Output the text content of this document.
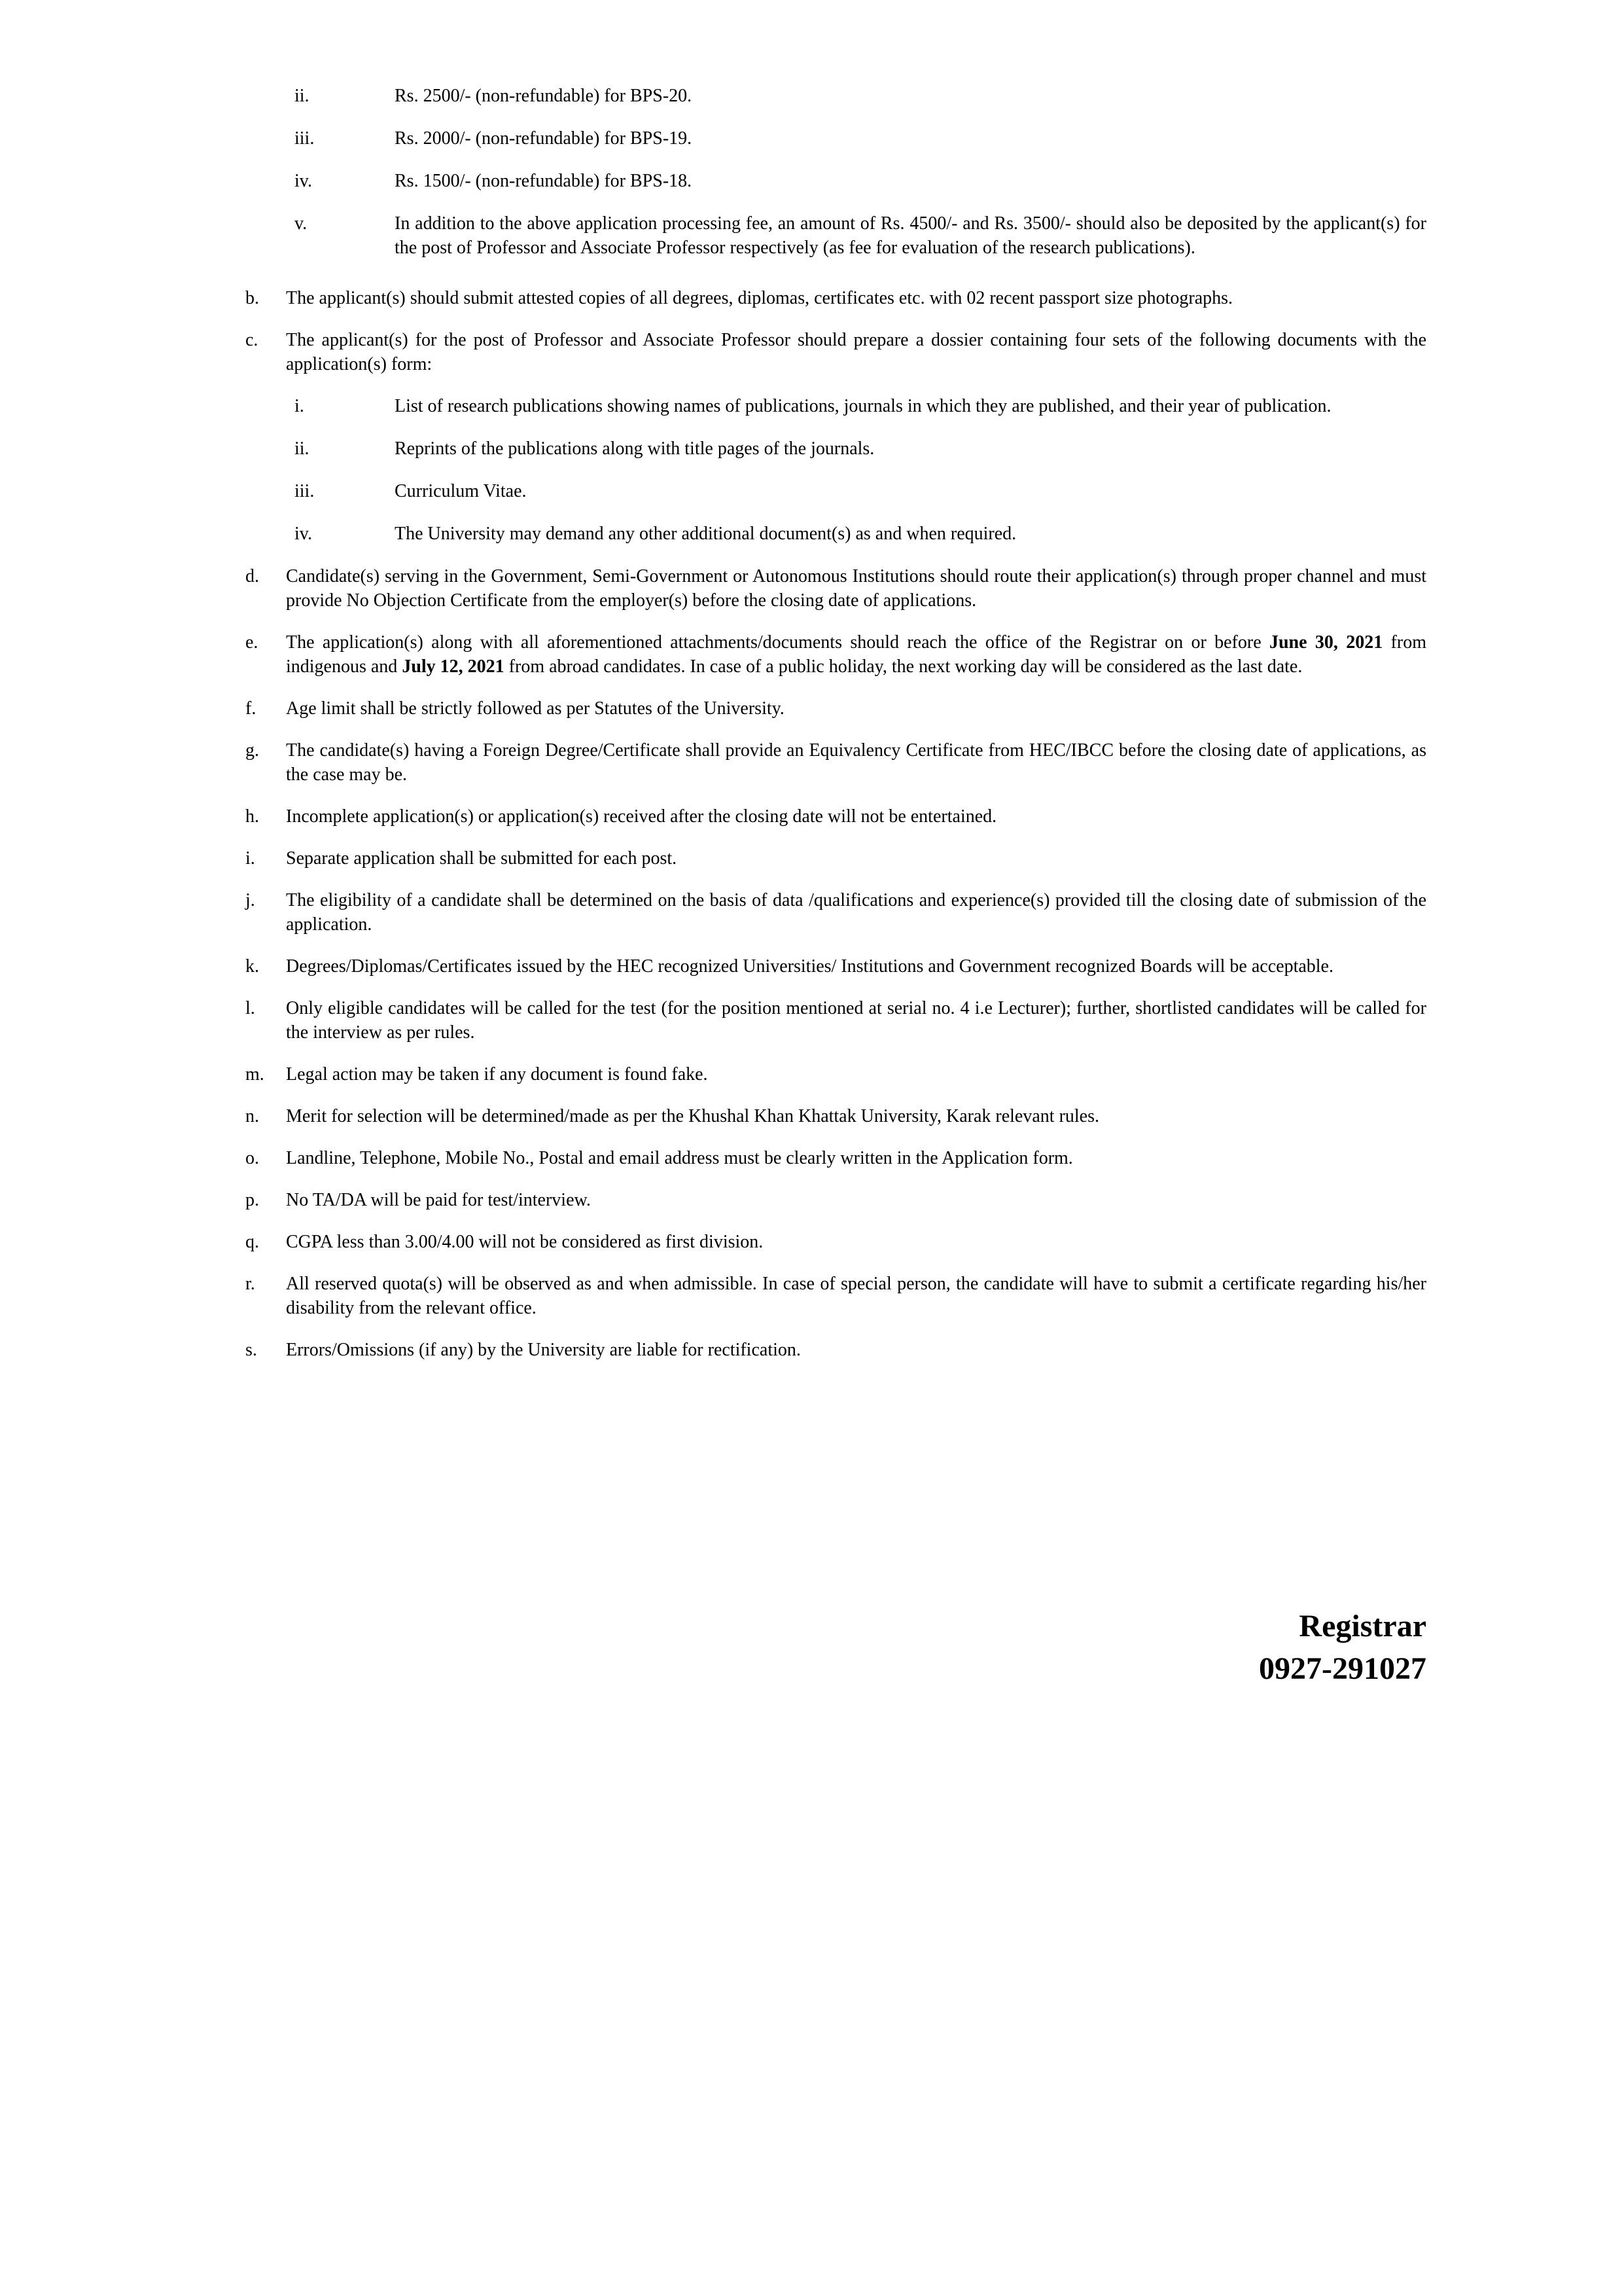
ii.	Rs. 2500/- (non-refundable) for BPS-20.
iii.	Rs. 2000/- (non-refundable) for BPS-19.
iv.	Rs. 1500/- (non-refundable) for BPS-18.
v.	In addition to the above application processing fee, an amount of Rs. 4500/- and Rs. 3500/- should also be deposited by the applicant(s) for the post of Professor and Associate Professor respectively (as fee for evaluation of the research publications).
b. The applicant(s) should submit attested copies of all degrees, diplomas, certificates etc. with 02 recent passport size photographs.
c. The applicant(s) for the post of Professor and Associate Professor should prepare a dossier containing four sets of the following documents with the application(s) form:
i.	List of research publications showing names of publications, journals in which they are published, and their year of publication.
ii.	Reprints of the publications along with title pages of the journals.
iii.	Curriculum Vitae.
iv.	The University may demand any other additional document(s) as and when required.
d. Candidate(s) serving in the Government, Semi-Government or Autonomous Institutions should route their application(s) through proper channel and must provide No Objection Certificate from the employer(s) before the closing date of applications.
e. The application(s) along with all aforementioned attachments/documents should reach the office of the Registrar on or before June 30, 2021 from indigenous and July 12, 2021 from abroad candidates. In case of a public holiday, the next working day will be considered as the last date.
f. Age limit shall be strictly followed as per Statutes of the University.
g. The candidate(s) having a Foreign Degree/Certificate shall provide an Equivalency Certificate from HEC/IBCC before the closing date of applications, as the case may be.
h. Incomplete application(s) or application(s) received after the closing date will not be entertained.
i. Separate application shall be submitted for each post.
j. The eligibility of a candidate shall be determined on the basis of data /qualifications and experience(s) provided till the closing date of submission of the application.
k. Degrees/Diplomas/Certificates issued by the HEC recognized Universities/ Institutions and Government recognized Boards will be acceptable.
l. Only eligible candidates will be called for the test (for the position mentioned at serial no. 4 i.e Lecturer); further, shortlisted candidates will be called for the interview as per rules.
m. Legal action may be taken if any document is found fake.
n. Merit for selection will be determined/made as per the Khushal Khan Khattak University, Karak relevant rules.
o. Landline, Telephone, Mobile No., Postal and email address must be clearly written in the Application form.
p. No TA/DA will be paid for test/interview.
q. CGPA less than 3.00/4.00 will not be considered as first division.
r. All reserved quota(s) will be observed as and when admissible. In case of special person, the candidate will have to submit a certificate regarding his/her disability from the relevant office.
s. Errors/Omissions (if any) by the University are liable for rectification.
Registrar
0927-291027
